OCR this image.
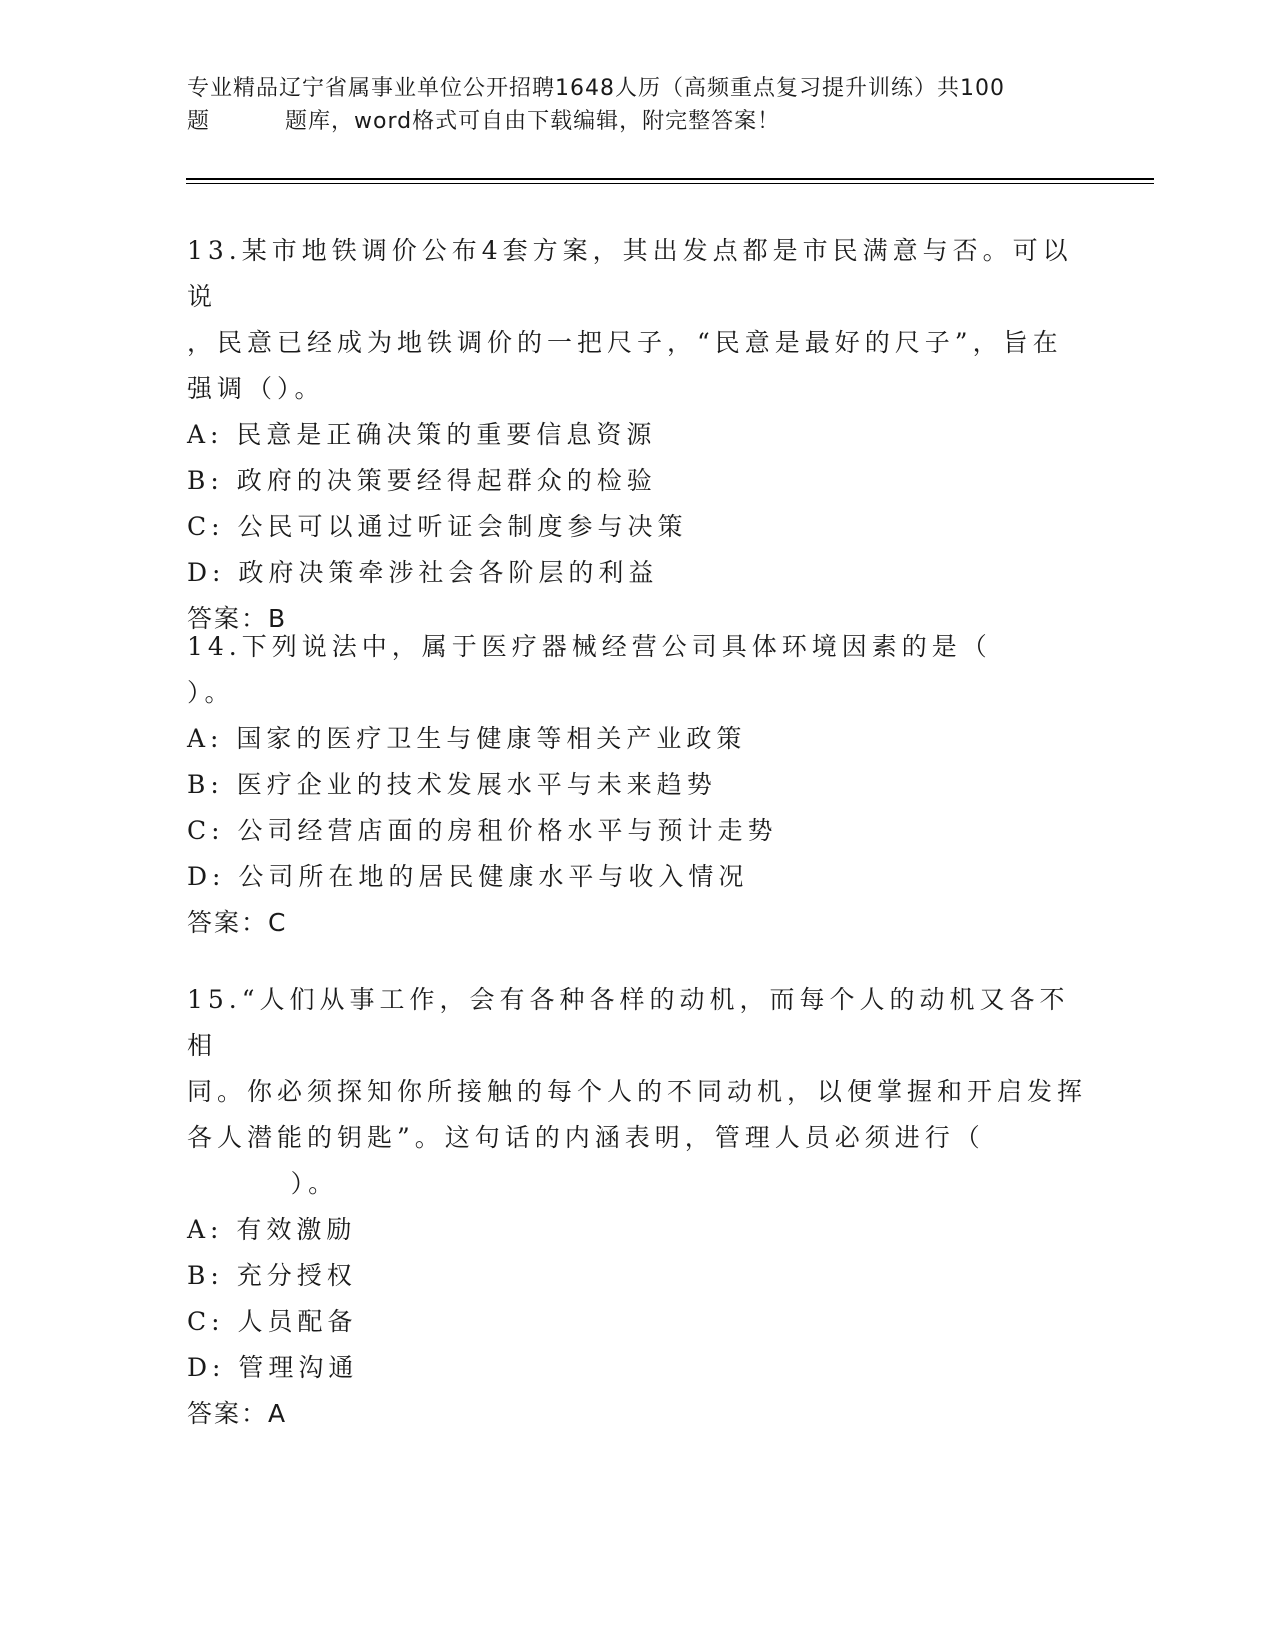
专业精品辽宁省属事业单位公开招聘1648人历（高频重点复习提升训练）共100
题	题库，word格式可自由下载编辑，附完整答案！
13.某市地铁调价公布4套方案，其出发点都是市民满意与否。可以说
，民意已经成为地铁调价的一把尺子，“民意是最好的尺子”，旨在
强调（）。
A: 民意是正确决策的重要信息资源
B: 政府的决策要经得起群众的检验
C: 公民可以通过听证会制度参与决策
D: 政府决策牵涉社会各阶层的利益
答案：B
14.下列说法中，属于医疗器械经营公司具体环境因素的是（
）。
A: 国家的医疗卫生与健康等相关产业政策
B: 医疗企业的技术发展水平与未来趋势
C: 公司经营店面的房租价格水平与预计走势
D: 公司所在地的居民健康水平与收入情况
答案：C
15.“人们从事工作，会有各种各样的动机，而每个人的动机又各不相
同。你必须探知你所接触的每个人的不同动机，以便掌握和开启发挥
各人潜能的钥匙”。这句话的内涵表明，管理人员必须进行（
）。
A: 有效激励
B: 充分授权
C: 人员配备
D: 管理沟通
答案：A
